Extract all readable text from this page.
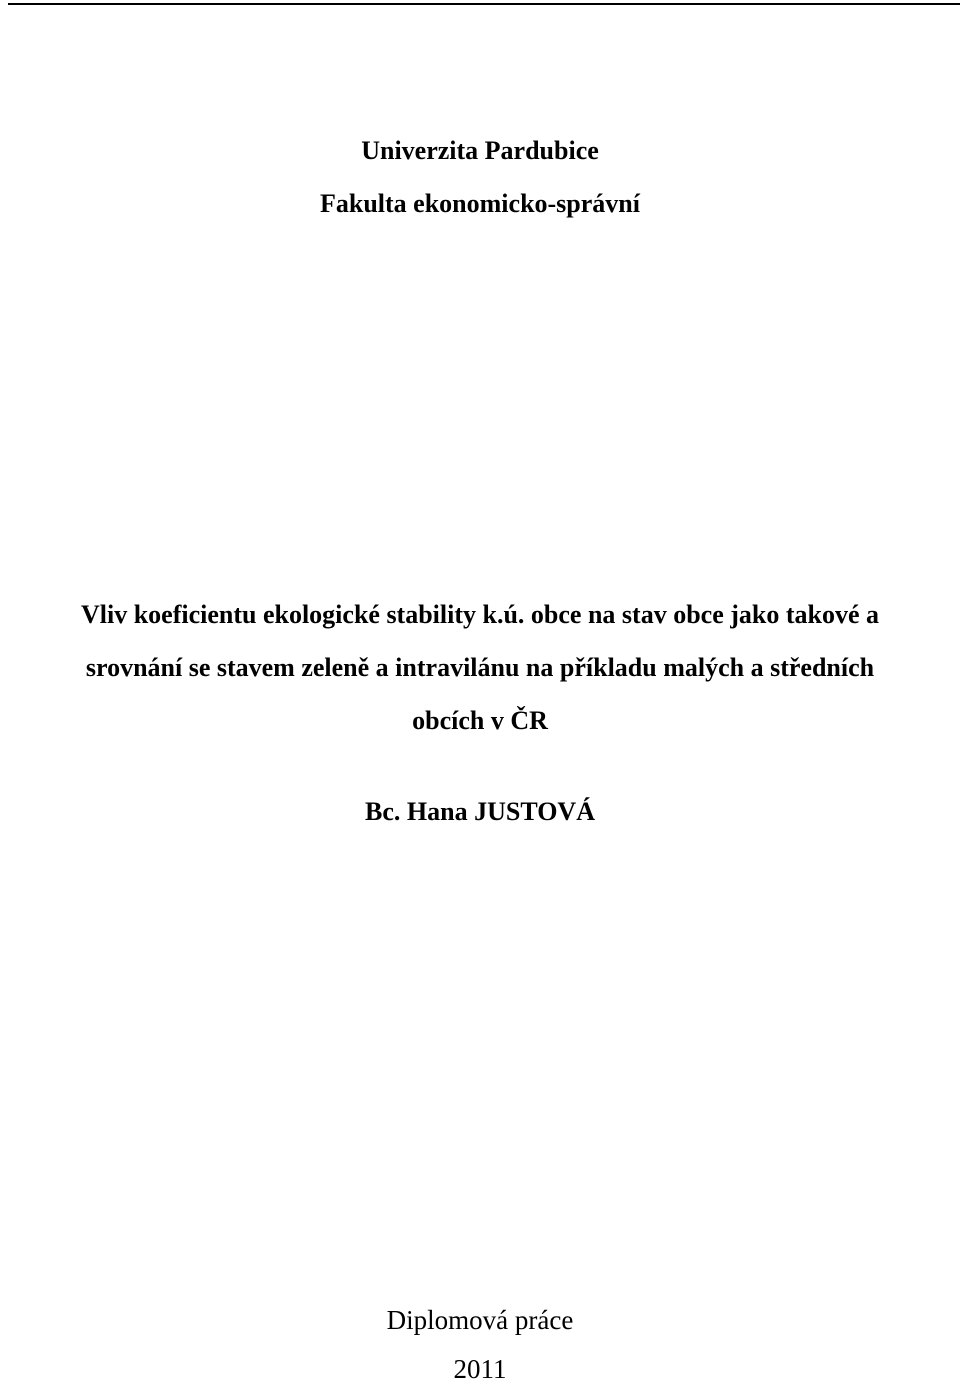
Univerzita Pardubice
Fakulta ekonomicko-správní
Vliv koeficientu ekologické stability k.ú. obce na stav obce jako takové a
srovnání se stavem zeleně a intravilánu na příkladu malých a středních
obcích v ČR
Bc. Hana JUSTOVÁ
Diplomová práce
2011
